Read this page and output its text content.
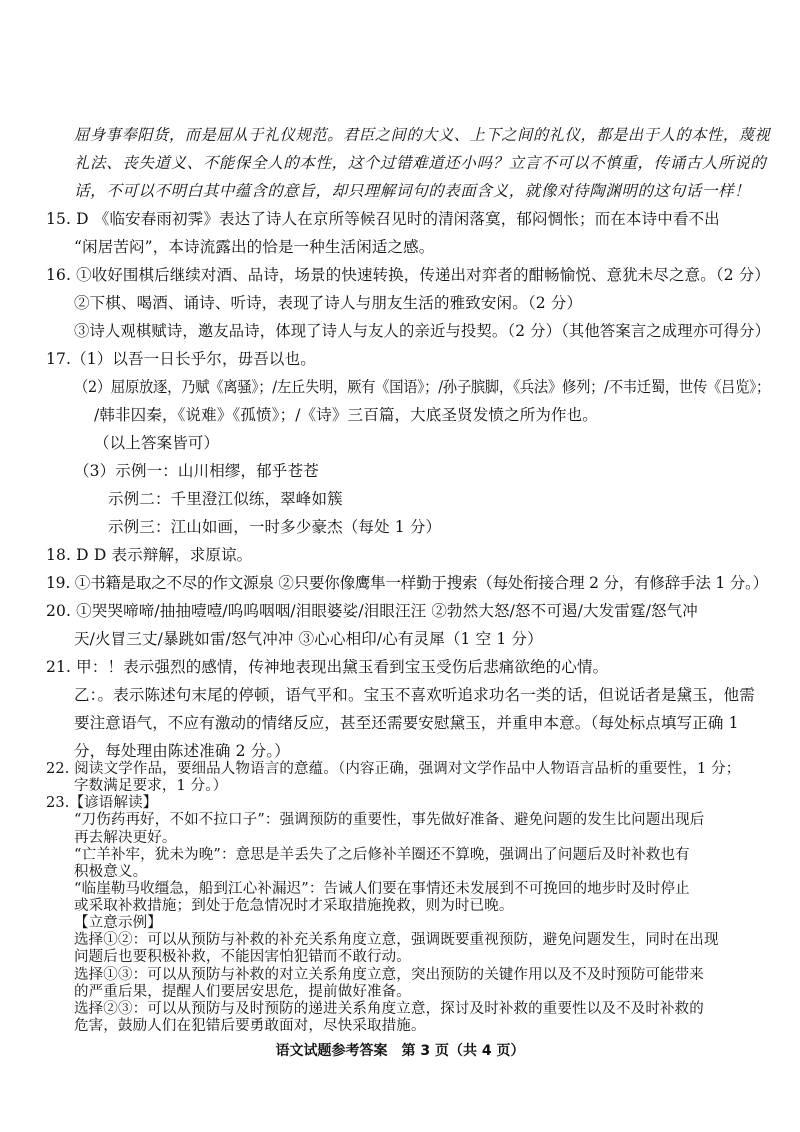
屈身事奉阳货，而是屈从于礼仪规范。君臣之间的大义、上下之间的礼仪，都是出于人的本性，蔑视
礼法、丧失道义、不能保全人的本性，这个过错难道还小吗？立言不可以不慎重，传诵古人所说的
话，不可以不明白其中蕴含的意旨，却只理解词句的表面含义，就像对待陶渊明的这句话一样！
15. D 《临安春雨初霁》表达了诗人在京所等候召见时的清闲落寞，郁闷惆怅；而在本诗中看不出
“闲居苦闷”，本诗流露出的恰是一种生活闲适之感。
16. ①收好围棋后继续对酒、品诗，场景的快速转换，传递出对弈者的酣畅愉悦、意犹未尽之意。（2 分）
②下棋、喝酒、诵诗、听诗，表现了诗人与朋友生活的雅致安闲。（2 分）
③诗人观棋赋诗，邀友品诗，体现了诗人与友人的亲近与投契。（2 分）（其他答案言之成理亦可得分）
17.（1）以吾一日长乎尔，毋吾以也。
（2）屈原放逐，乃赋《离骚》；/左丘失明，厥有《国语》；/孙子膑脚，《兵法》修列；/不韦迁蜀，世传《吕览》；
/韩非囚秦，《说难》《孤愤》；/《诗》三百篇，大底圣贤发愤之所为作也。
（以上答案皆可）
（3）示例一：山川相缪，郁乎苍苍
示例二：千里澄江似练，翠峰如簇
示例三：江山如画，一时多少豪杰（每处 1 分）
18. D D 表示辩解，求原谅。
19. ①书籍是取之不尽的作文源泉 ②只要你像鹰隼一样勤于搜索（每处衔接合理 2 分，有修辞手法 1 分。）
20. ①哭哭啼啼/抽抽噎噎/呜呜咽咽/泪眼婆娑/泪眼汪汪 ②勃然大怒/怒不可遏/大发雷霆/怒气冲
天/火冒三丈/暴跳如雷/怒气冲冲 ③心心相印/心有灵犀（1 空 1 分）
21. 甲：！表示强烈的感情，传神地表现出黛玉看到宝玉受伤后悲痛欲绝的心情。
乙：。表示陈述句末尾的停顿，语气平和。宝玉不喜欢听追求功名一类的话，但说话者是黛玉，他需
要注意语气，不应有激动的情绪反应，甚至还需要安慰黛玉，并重申本意。（每处标点填写正确 1
分，每处理由陈述准确 2 分。）
22. 阅读文学作品，要细品人物语言的意蕴。（内容正确，强调对文学作品中人物语言品析的重要性，1 分；
字数满足要求，1 分。）
23.【谚语解读】
“刀伤药再好，不如不拉口子”：强调预防的重要性，事先做好准备、避免问题的发生比问题出现后
再去解决更好。
“亡羊补牢，犹未为晚”：意思是羊丢失了之后修补羊圈还不算晚，强调出了问题后及时补救也有
积极意义。
“临崖勒马收缰急，船到江心补漏迟”：告诫人们要在事情还未发展到不可挽回的地步时及时停止
或采取补救措施；到处于危急情况时才采取措施挽救，则为时已晚。
【立意示例】
选择①②：可以从预防与补救的补充关系角度立意，强调既要重视预防，避免问题发生，同时在出现
问题后也要积极补救，不能因害怕犯错而不敢行动。
选择①③：可以从预防与补救的对立关系角度立意，突出预防的关键作用以及不及时预防可能带来
的严重后果，提醒人们要居安思危，提前做好准备。
选择②③：可以从预防与及时预防的递进关系角度立意，探讨及时补救的重要性以及不及时补救的
危害，鼓励人们在犯错后要勇敢面对，尽快采取措施。
语文试题参考答案　第 3 页（共 4 页）
